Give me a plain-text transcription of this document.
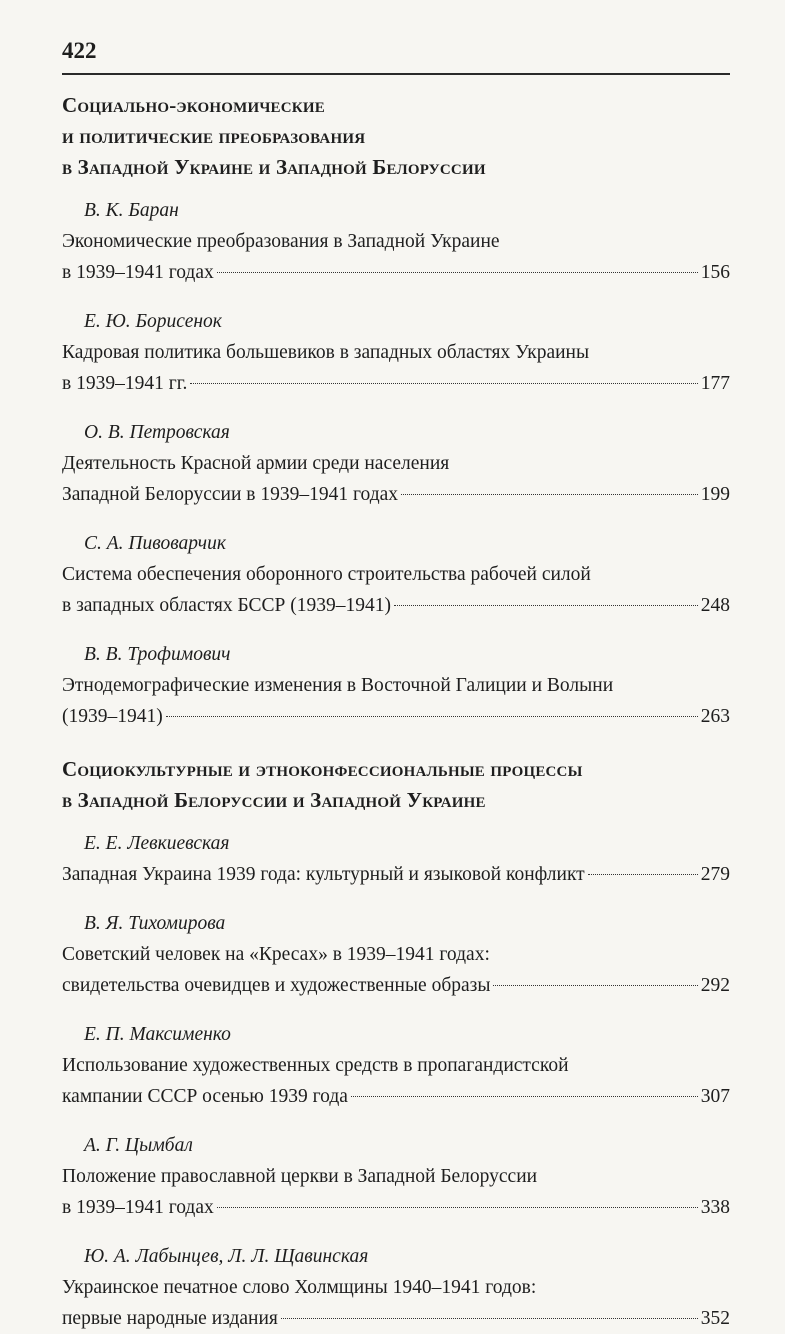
422
Социально-экономические
и политические преобразования
в Западной Украине и Западной Белоруссии
В. К. Баран
Экономические преобразования в Западной Украине
в 1939–1941 годах	156
Е. Ю. Борисенок
Кадровая политика большевиков в западных областях Украины
в 1939–1941 гг.	177
О. В. Петровская
Деятельность Красной армии среди населения
Западной Белоруссии в 1939–1941 годах	199
С. А. Пивоварчик
Система обеспечения оборонного строительства рабочей силой
в западных областях БССР (1939–1941)	248
В. В. Трофимович
Этнодемографические изменения в Восточной Галиции и Волыни
(1939–1941)	263
Социокультурные и этноконфессиональные процессы
в Западной Белоруссии и Западной Украине
Е. Е. Левкиевская
Западная Украина 1939 года: культурный и языковой конфликт	279
В. Я. Тихомирова
Советский человек на «Кресах» в 1939–1941 годах:
свидетельства очевидцев и художественные образы	292
Е. П. Максименко
Использование художественных средств в пропагандистской
кампании СССР осенью 1939 года	307
А. Г. Цымбал
Положение православной церкви в Западной Белоруссии
в 1939–1941 годах	338
Ю. А. Лабынцев, Л. Л. Щавинская
Украинское печатное слово Холмщины 1940–1941 годов:
первые народные издания	352
